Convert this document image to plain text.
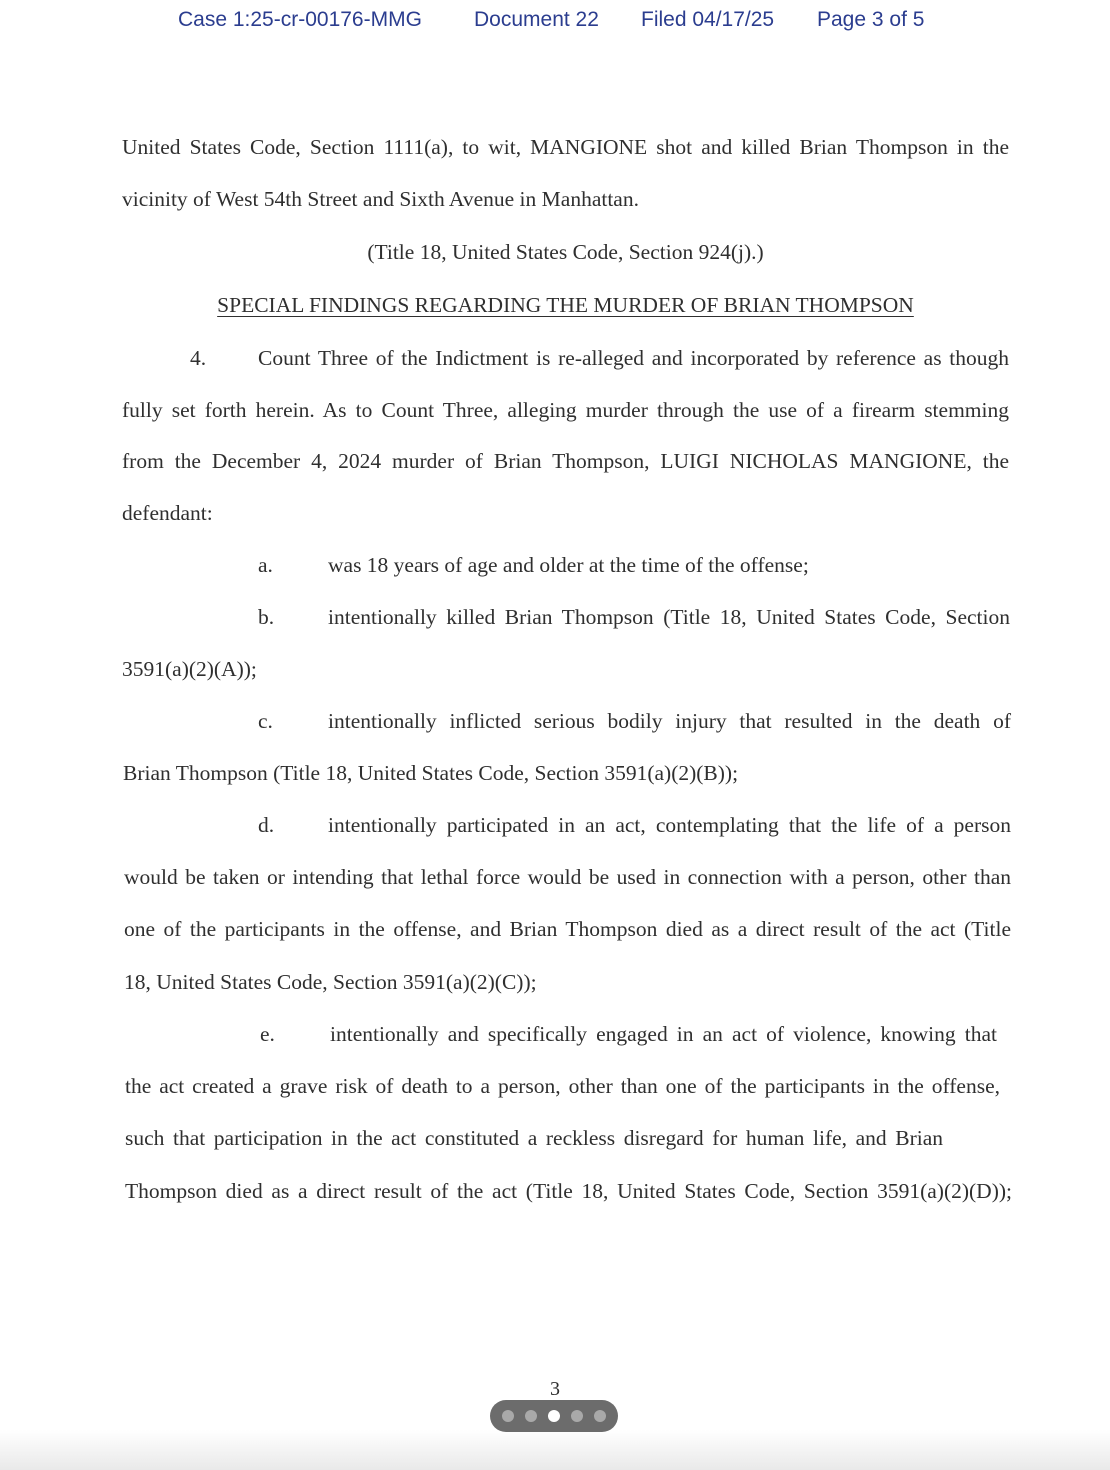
Case 1:25-cr-00176-MMG Document 22 Filed 04/17/25 Page 3 of 5
United States Code, Section 1111(a), to wit, MANGIONE shot and killed Brian Thompson in the
vicinity of West 54th Street and Sixth Avenue in Manhattan.
(Title 18, United States Code, Section 924(j).)
SPECIAL FINDINGS REGARDING THE MURDER OF BRIAN THOMPSON
4. Count Three of the Indictment is re-alleged and incorporated by reference as though
fully set forth herein. As to Count Three, alleging murder through the use of a firearm stemming
from the December 4, 2024 murder of Brian Thompson, LUIGI NICHOLAS MANGIONE, the
defendant:
a.	was 18 years of age and older at the time of the offense;
b.	intentionally killed Brian Thompson (Title 18, United States Code, Section
3591(a)(2)(A));
c.	intentionally inflicted serious bodily injury that resulted in the death of
Brian Thompson (Title 18, United States Code, Section 3591(a)(2)(B));
d.	intentionally participated in an act, contemplating that the life of a person
would be taken or intending that lethal force would be used in connection with a person, other than
one of the participants in the offense, and Brian Thompson died as a direct result of the act (Title
18, United States Code, Section 3591(a)(2)(C));
e.	intentionally and specifically engaged in an act of violence, knowing that
the act created a grave risk of death to a person, other than one of the participants in the offense,
such that participation in the act constituted a reckless disregard for human life, and Brian
Thompson died as a direct result of the act (Title 18, United States Code, Section 3591(a)(2)(D));
3
